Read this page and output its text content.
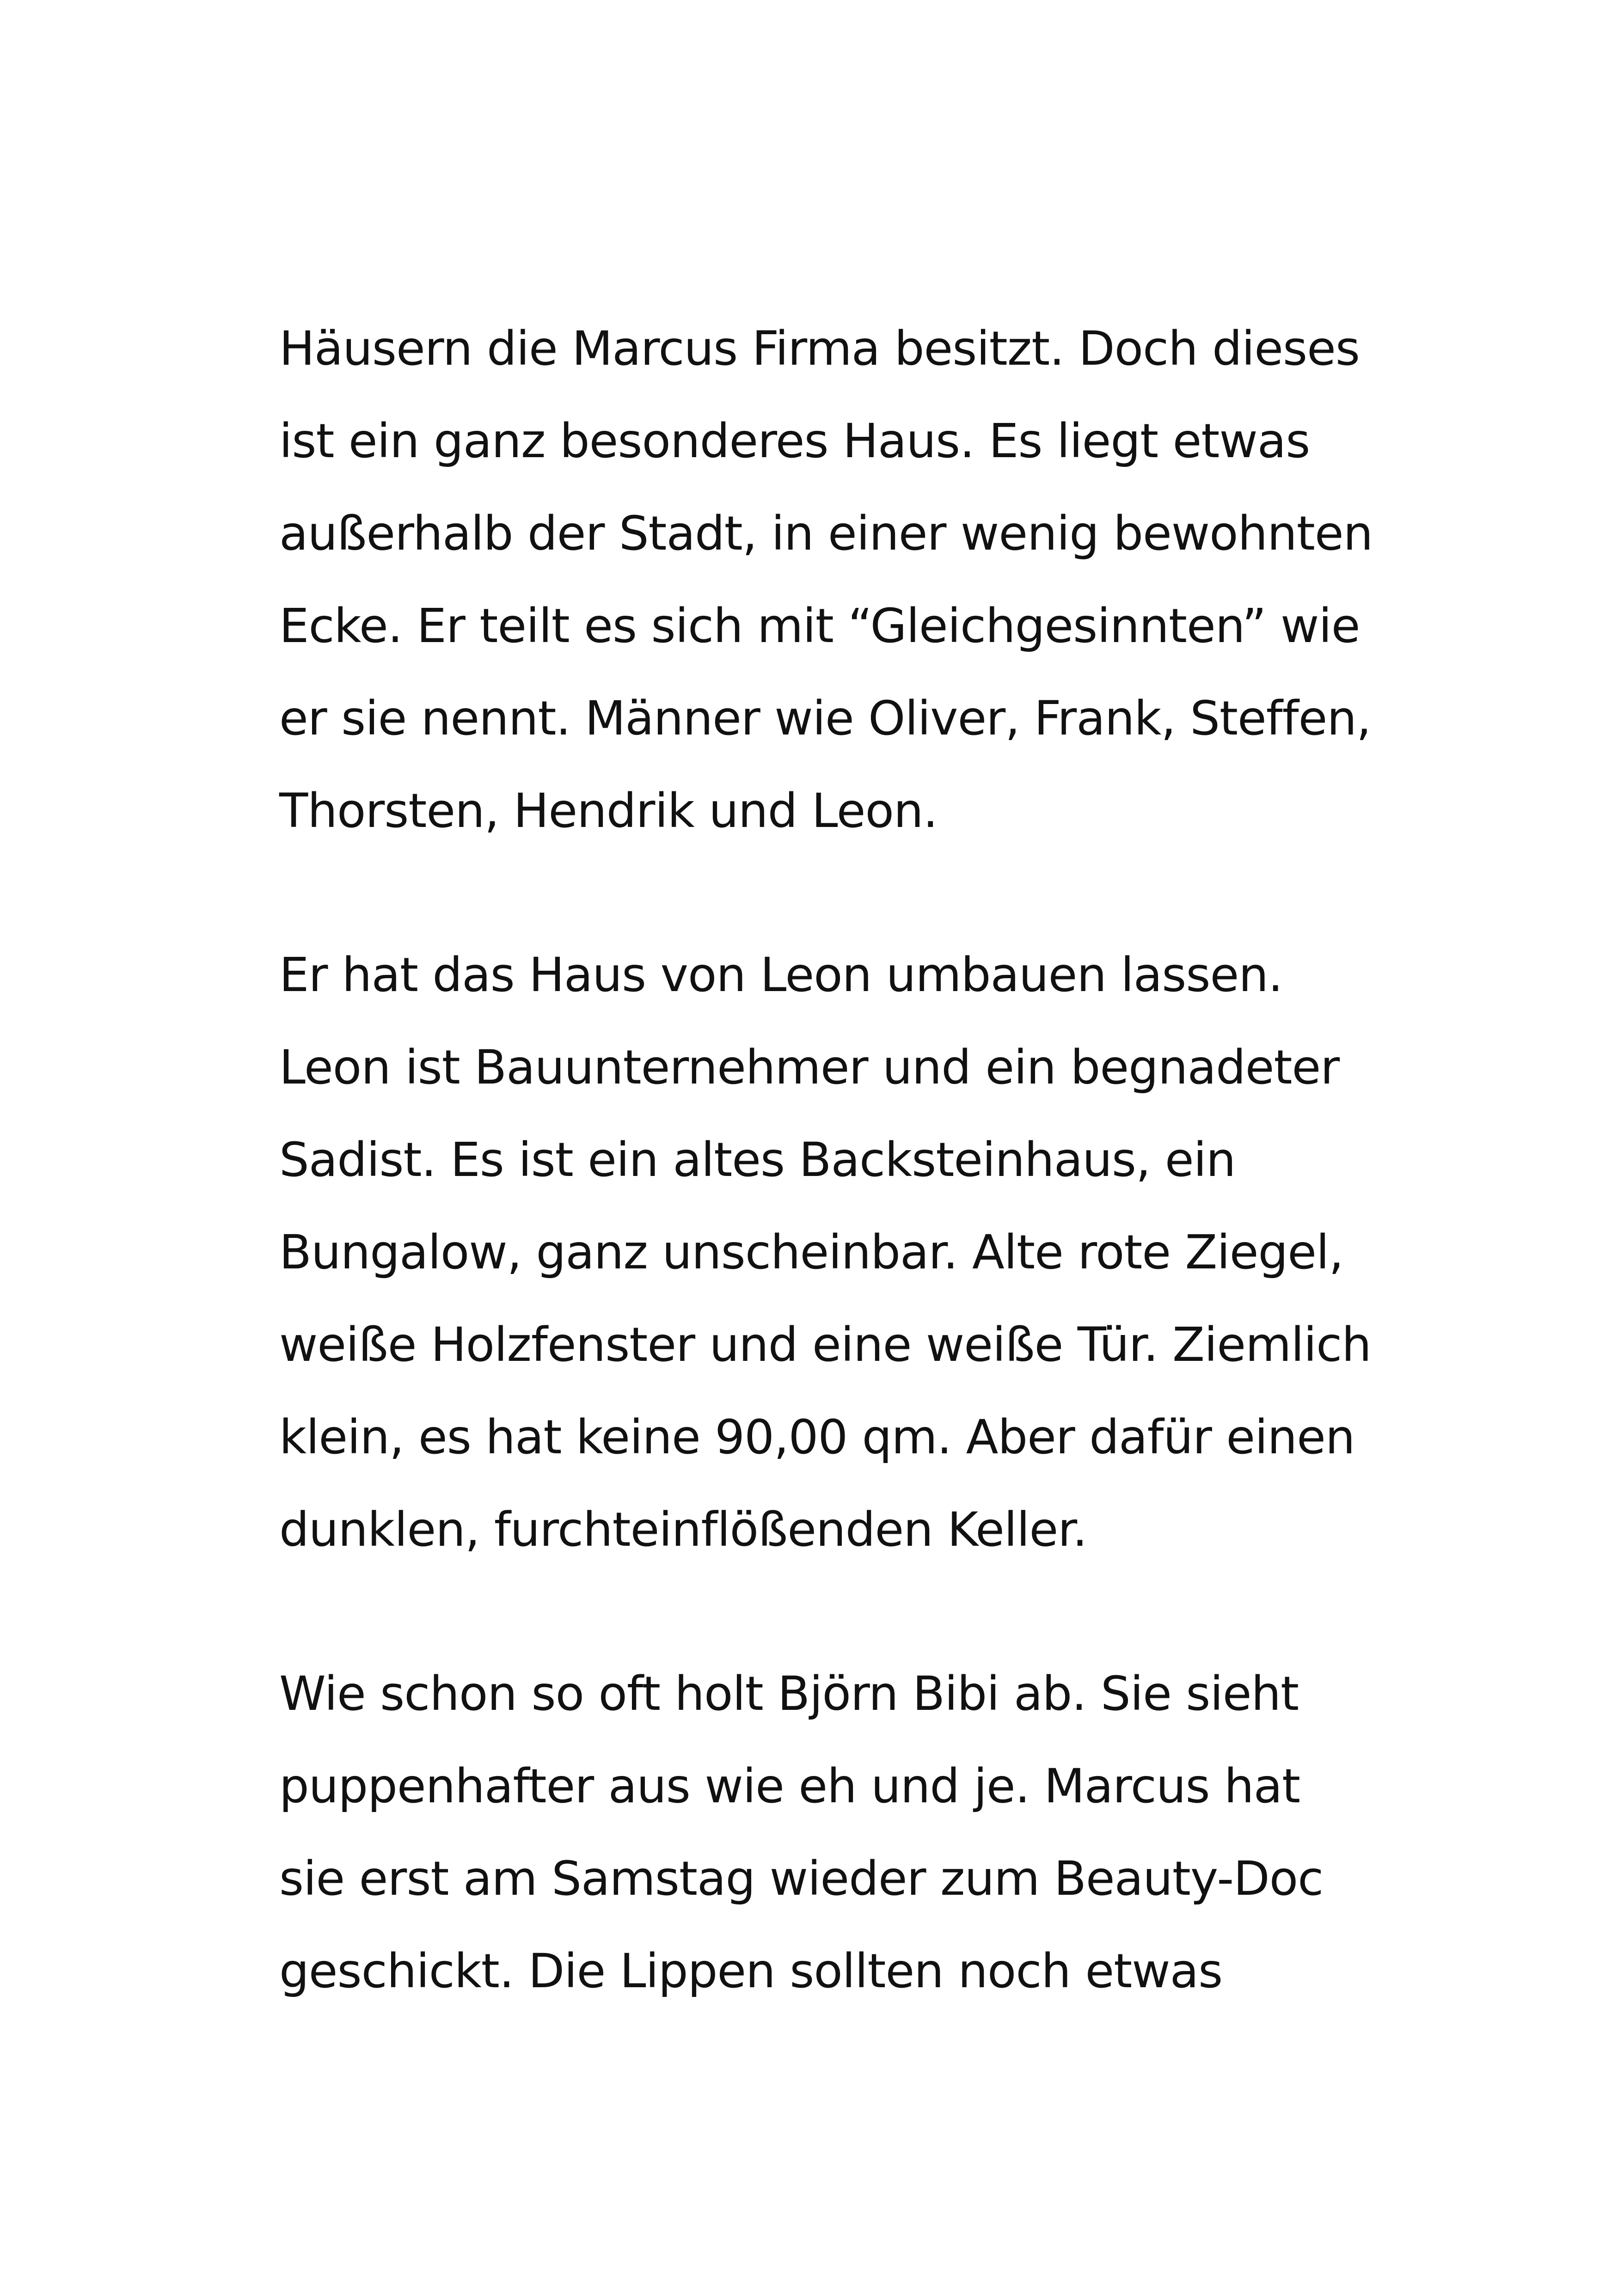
Häusern die Marcus Firma besitzt. Doch dieses
ist ein ganz besonderes Haus. Es liegt etwas
außerhalb der Stadt, in einer wenig bewohnten
Ecke. Er teilt es sich mit “Gleichgesinnten” wie
er sie nennt. Männer wie Oliver, Frank, Steffen,
Thorsten, Hendrik und Leon.
Er hat das Haus von Leon umbauen lassen.
Leon ist Bauunternehmer und ein begnadeter
Sadist. Es ist ein altes Backsteinhaus, ein
Bungalow, ganz unscheinbar. Alte rote Ziegel,
weiße Holzfenster und eine weiße Tür. Ziemlich
klein, es hat keine 90,00 qm. Aber dafür einen
dunklen, furchteinflößenden Keller.
Wie schon so oft holt Björn Bibi ab. Sie sieht
puppenhafter aus wie eh und je. Marcus hat
sie erst am Samstag wieder zum Beauty-Doc
geschickt. Die Lippen sollten noch etwas
